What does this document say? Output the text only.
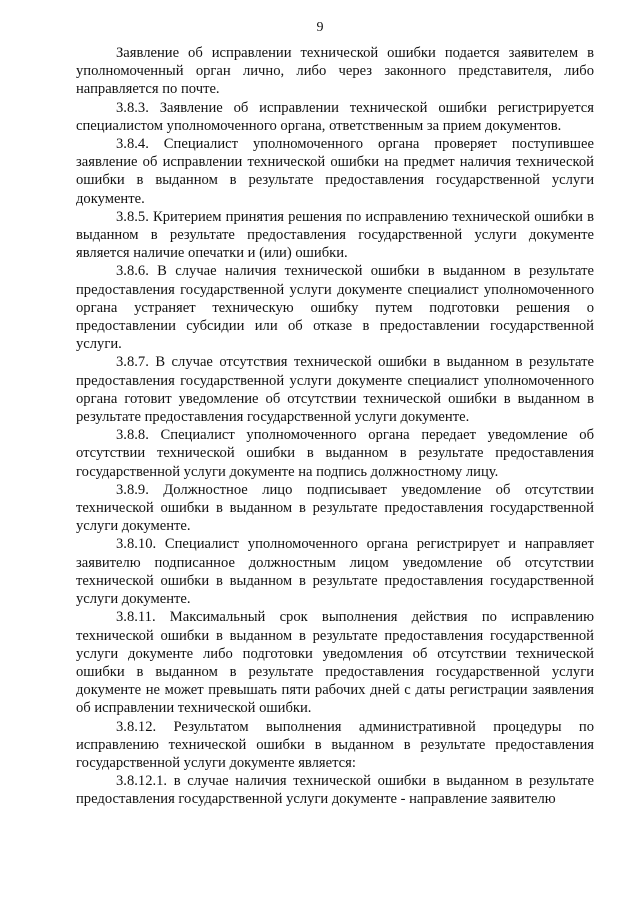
9

Заявление об исправлении технической ошибки подается заявителем в уполномоченный орган лично, либо через законного представителя, либо направляется по почте.

3.8.3. Заявление об исправлении технической ошибки регистрируется специалистом уполномоченного органа, ответственным за прием документов.

3.8.4. Специалист уполномоченного органа проверяет поступившее заявление об исправлении технической ошибки на предмет наличия технической ошибки в выданном в результате предоставления государственной услуги документе.

3.8.5. Критерием принятия решения по исправлению технической ошибки в выданном в результате предоставления государственной услуги документе является наличие опечатки и (или) ошибки.

3.8.6. В случае наличия технической ошибки в выданном в результате предоставления государственной услуги документе специалист уполномоченного органа устраняет техническую ошибку путем подготовки решения о предоставлении субсидии или об отказе в предоставлении государственной услуги.

3.8.7. В случае отсутствия технической ошибки в выданном в результате предоставления государственной услуги документе специалист уполномоченного органа готовит уведомление об отсутствии технической ошибки в выданном в результате предоставления государственной услуги документе.

3.8.8. Специалист уполномоченного органа передает уведомление об отсутствии технической ошибки в выданном в результате предоставления государственной услуги документе на подпись должностному лицу.

3.8.9. Должностное лицо подписывает уведомление об отсутствии технической ошибки в выданном в результате предоставления государственной услуги документе.

3.8.10. Специалист уполномоченного органа регистрирует и направляет заявителю подписанное должностным лицом уведомление об отсутствии технической ошибки в выданном в результате предоставления государственной услуги документе.

3.8.11. Максимальный срок выполнения действия по исправлению технической ошибки в выданном в результате предоставления государственной услуги документе либо подготовки уведомления об отсутствии технической ошибки в выданном в результате предоставления государственной услуги документе не может превышать пяти рабочих дней с даты регистрации заявления об исправлении технической ошибки.

3.8.12. Результатом выполнения административной процедуры по исправлению технической ошибки в выданном в результате предоставления государственной услуги документе является:

3.8.12.1. в случае наличия технической ошибки в выданном в результате предоставления государственной услуги документе - направление заявителю
